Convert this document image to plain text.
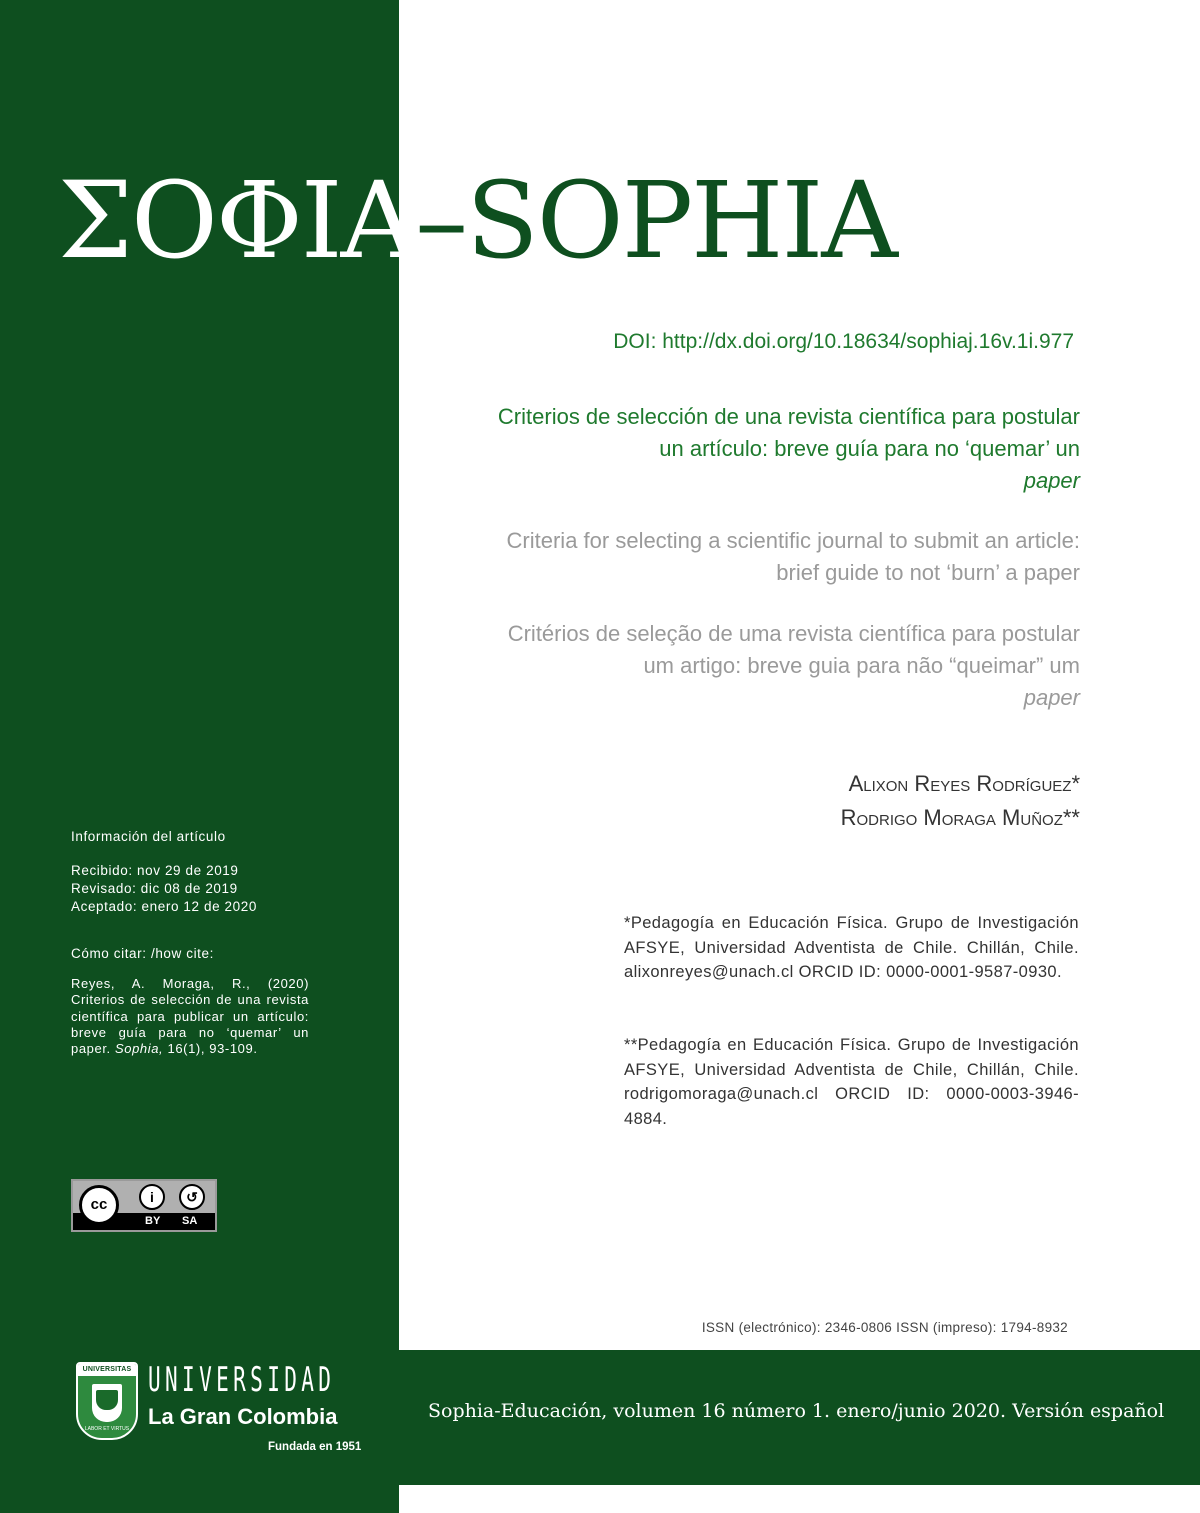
ΣΟΦΙΑ–SOPHIA
DOI: http://dx.doi.org/10.18634/sophiaj.16v.1i.977

Criterios de selección de una revista científica para postular un artículo: breve guía para no ‘quemar’ un
paper

Criteria for selecting a scientific journal to submit an article: brief guide to not ‘burn’ a paper

Critérios de seleção de uma revista científica para postular um artigo: breve guia para não “queimar” um
paper

Alixon Reyes Rodríguez*
Rodrigo Moraga Muñoz**

*Pedagogía en Educación Física. Grupo de Investigación AFSYE, Universidad Adventista de Chile. Chillán, Chile. alixonreyes@unach.cl ORCID ID: 0000-0001-9587-0930.

**Pedagogía en Educación Física. Grupo de Investigación AFSYE, Universidad Adventista de Chile, Chillán, Chile. rodrigomoraga@unach.cl ORCID ID: 0000-0003-3946-4884.

Información del artículo

Recibido: nov 29 de 2019
Revisado: dic 08 de 2019
Aceptado: enero 12 de 2020

Cómo citar: /how cite:

Reyes, A. Moraga, R., (2020) Criterios de selección de una revista científica para publicar un artículo: breve guía para no ‘quemar’ un paper. Sophia, 16(1), 93-109.

cc	i	↺
BY SA
ISSN (electrónico): 2346-0806 ISSN (impreso): 1794-8932
Sophia-Educación, volumen 16 número 1. enero/junio 2020. Versión español
UNIVERSITAS
LABOR ET VIRTUS
UNIVERSIDAD
La Gran Colombia
Fundada en 1951
